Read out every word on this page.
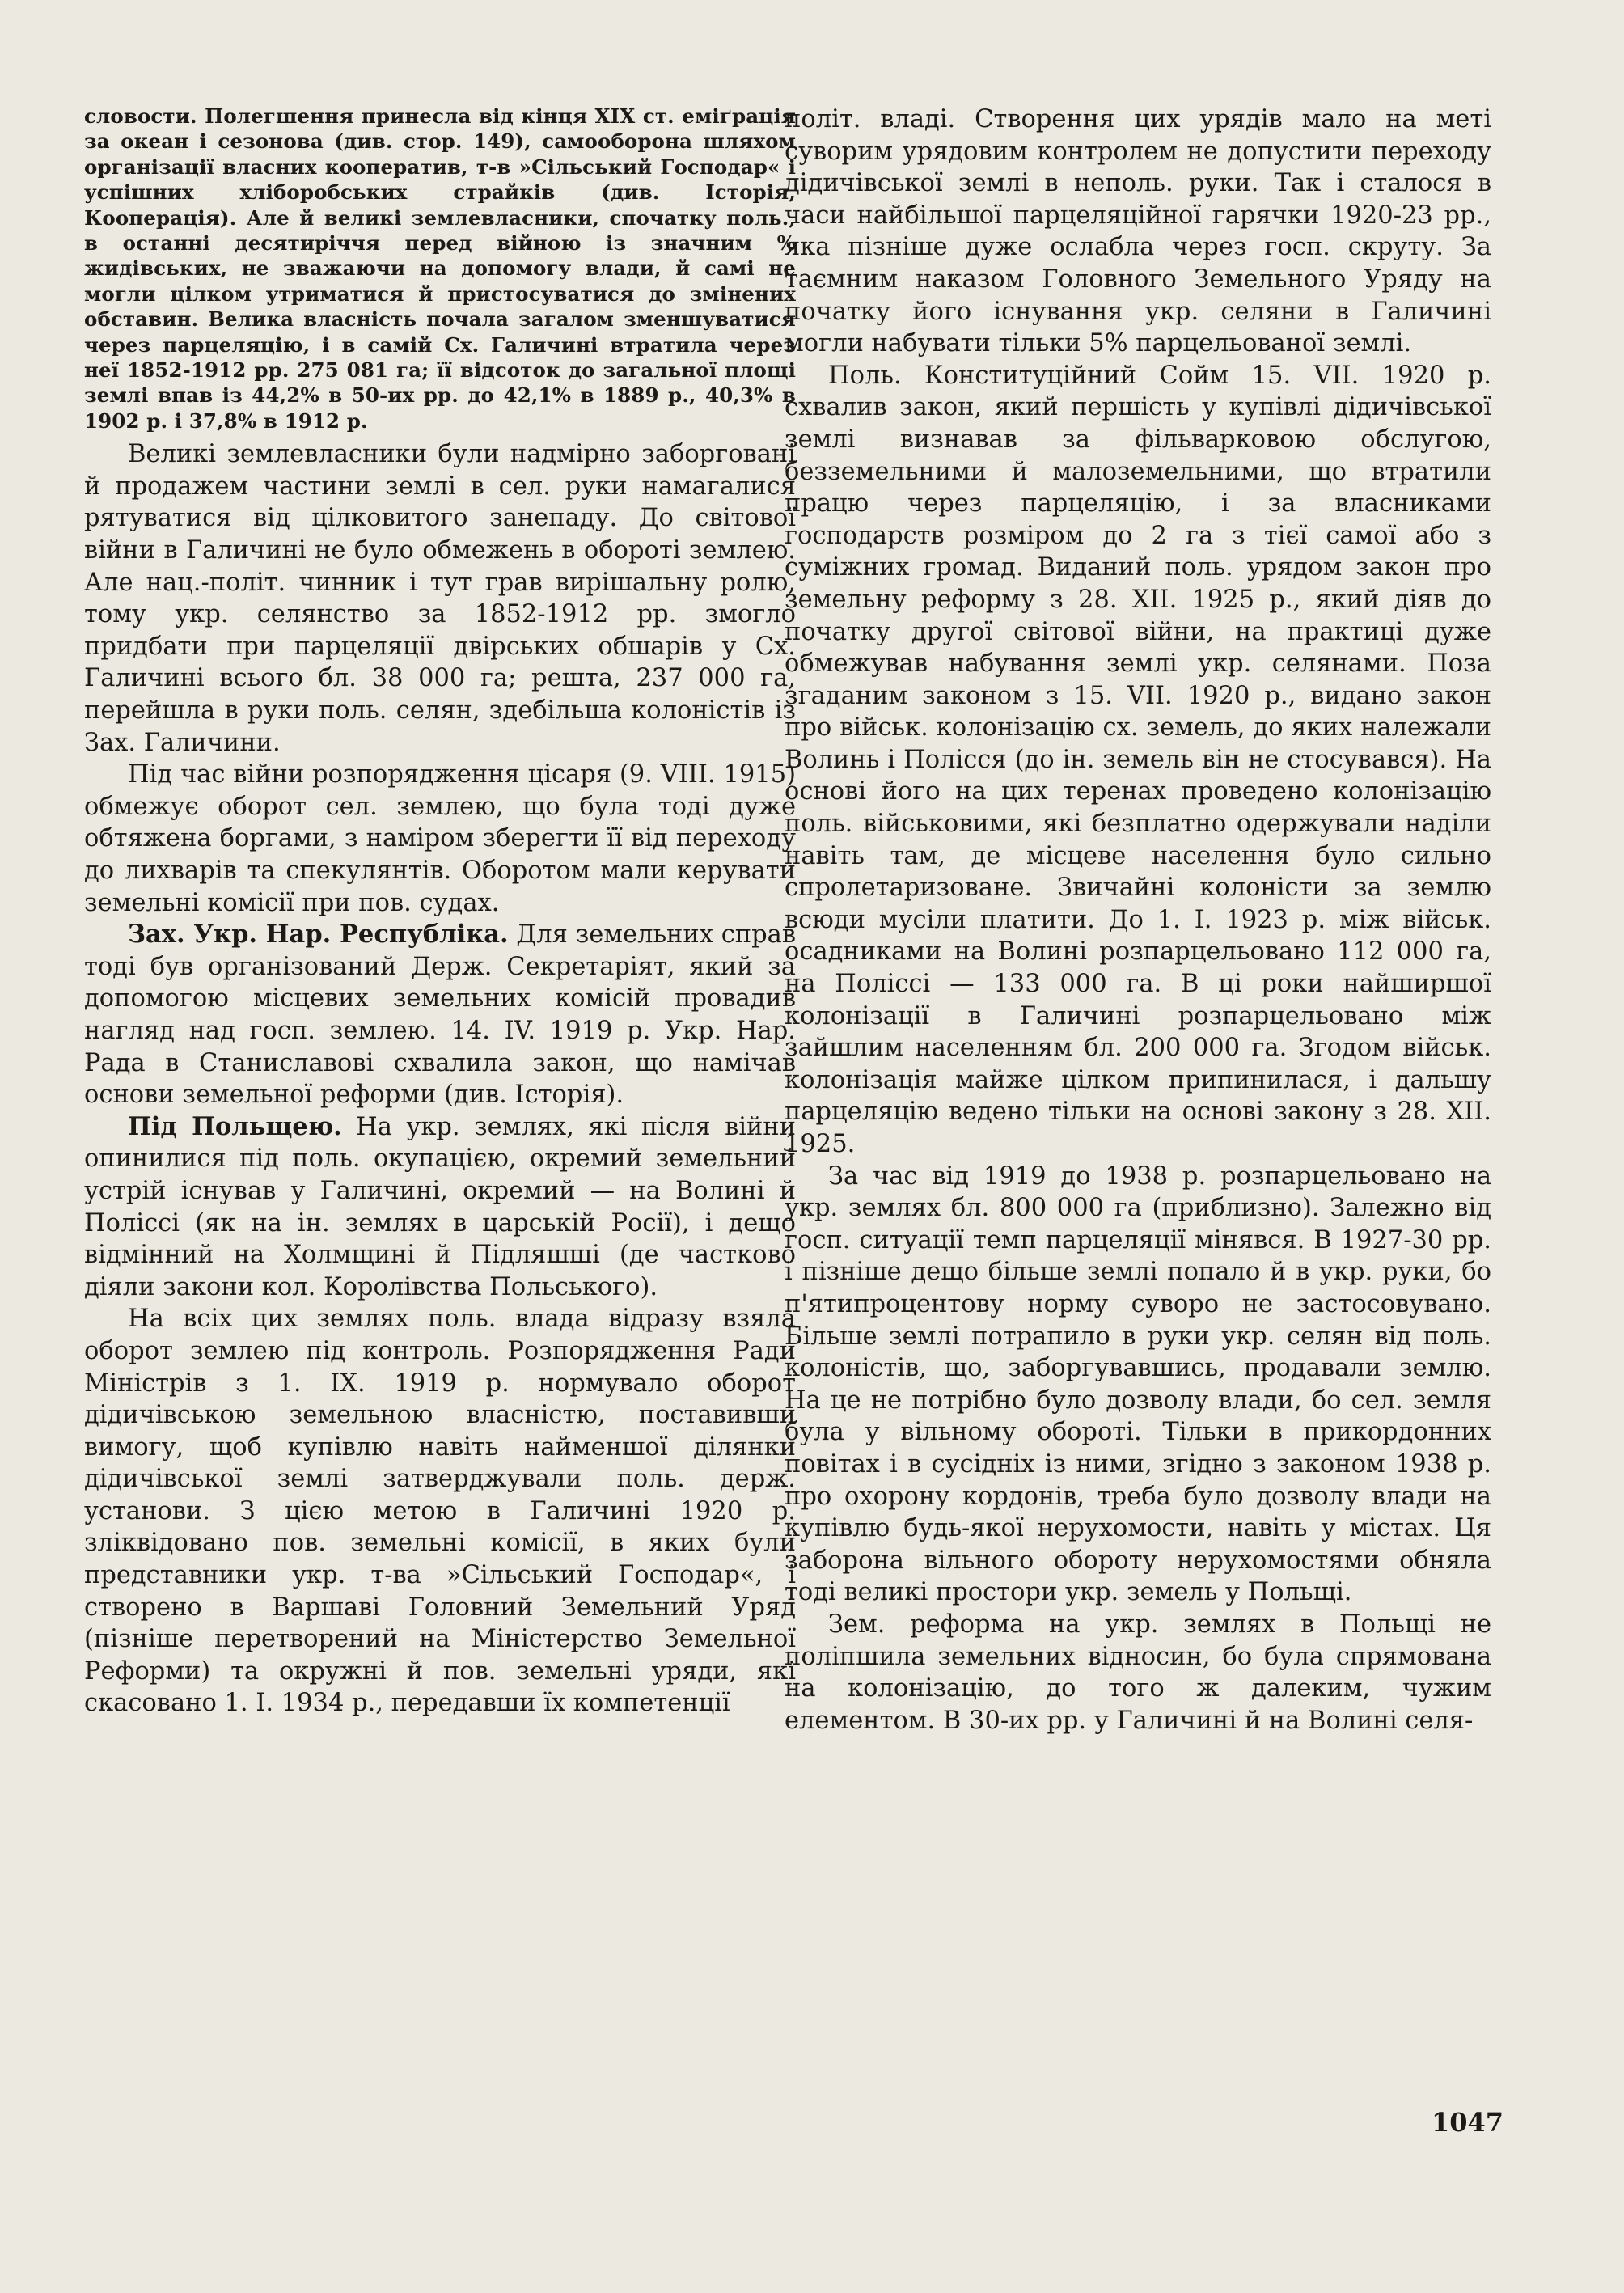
словости. Полегшення принесла від кінця XIX ст. еміґрація за океан і сезонова (див. стор. 149), самооборона шляхом організації власних кооператив, т-в »Сільський Господар« і успішних хліборобських страйків (див. Історія, Кооперація). Але й великі землевласники, спочатку поль., в останні десятиріччя перед війною із значним % жидівських, не зважаючи на допомогу влади, й самі не могли цілком утриматися й пристосуватися до змінених обставин. Велика власність почала загалом зменшуватися через парцеляцію, і в самій Сх. Галичині втратила через неї 1852-1912 рр. 275 081 га; її відсоток до загальної площі землі впав із 44,2% в 50-их рр. до 42,1% в 1889 р., 40,3% в 1902 р. і 37,8% в 1912 р.

Великі землевласники були надмірно заборговані й продажем частини землі в сел. руки намагалися рятуватися від цілковитого занепаду. До світової війни в Галичині не було обмежень в обороті землею. Але нац.-політ. чинник і тут грав вирішальну ролю, тому укр. селянство за 1852-1912 рр. змогло придбати при парцеляції двірських обшарів у Сх. Галичині всього бл. 38 000 га; решта, 237 000 га, перейшла в руки поль. селян, здебільша колоністів із Зах. Галичини.

Під час війни розпорядження цісаря (9. VIII. 1915) обмежує оборот сел. землею, що була тоді дуже обтяжена боргами, з наміром зберегти її від переходу до лихварів та спекулянтів. Оборотом мали керувати земельні комісії при пов. судах.

Зах. Укр. Нар. Республіка. Для земельних справ тоді був організований Держ. Секретаріят, який за допомогою місцевих земельних комісій провадив нагляд над госп. землею. 14. IV. 1919 р. Укр. Нар. Рада в Станиславові схвалила закон, що намічав основи земельної реформи (див. Історія).

Під Польщею. На укр. землях, які після війни опинилися під поль. окупацією, окремий земельний устрій існував у Галичині, окремий — на Волині й Поліссі (як на ін. землях в царській Росії), і дещо відмінний на Холмщині й Підляшші (де частково діяли закони кол. Королівства Польського).

На всіх цих землях поль. влада відразу взяла оборот землею під контроль. Розпорядження Ради Міністрів з 1. IX. 1919 р. нормувало оборот дідичівською земельною власністю, поставивши вимогу, щоб купівлю навіть найменшої ділянки дідичівської землі затверджували поль. держ. установи. З цією метою в Галичині 1920 р. зліквідовано пов. земельні комісії, в яких були представники укр. т-ва »Сільський Господар«, і створено в Варшаві Головний Земельний Уряд (пізніше перетворений на Міністерство Земельної Реформи) та окружні й пов. земельні уряди, які скасовано 1. I. 1934 р., передавши їх компетенції

політ. владі. Створення цих урядів мало на меті суворим урядовим контролем не допустити переходу дідичівської землі в неполь. руки. Так і сталося в часи найбільшої парцеляційної гарячки 1920-23 рр., яка пізніше дуже ослабла через госп. скруту. За таємним наказом Головного Земельного Уряду на початку його існування укр. селяни в Галичині могли набувати тільки 5% парцельованої землі.

Поль. Конституційний Сойм 15. VII. 1920 р. схвалив закон, який першість у купівлі дідичівської землі визнавав за фільварковою обслугою, безземельними й малоземельними, що втратили працю через парцеляцію, і за власниками господарств розміром до 2 га з тієї самої або з суміжних громад. Виданий поль. урядом закон про земельну реформу з 28. XII. 1925 р., який діяв до початку другої світової війни, на практиці дуже обмежував набування землі укр. селянами. Поза згаданим законом з 15. VII. 1920 р., видано закон про військ. колонізацію сх. земель, до яких належали Волинь і Полісся (до ін. земель він не стосувався). На основі його на цих теренах проведено колонізацію поль. військовими, які безплатно одержували наділи навіть там, де місцеве населення було сильно спролетаризоване. Звичайні колоністи за землю всюди мусіли платити. До 1. I. 1923 р. між військ. осадниками на Волині розпарцельовано 112 000 га, на Поліссі — 133 000 га. В ці роки найширшої колонізації в Галичині розпарцельовано між зайшлим населенням бл. 200 000 га. Згодом військ. колонізація майже цілком припинилася, і дальшу парцеляцію ведено тільки на основі закону з 28. XII. 1925.

За час від 1919 до 1938 р. розпарцельовано на укр. землях бл. 800 000 га (приблизно). Залежно від госп. ситуації темп парцеляції мінявся. В 1927-30 рр. і пізніше дещо більше землі попало й в укр. руки, бо п'ятипроцентову норму суворо не застосовувано. Більше землі потрапило в руки укр. селян від поль. колоністів, що, заборгувавшись, продавали землю. На це не потрібно було дозволу влади, бо сел. земля була у вільному обороті. Тільки в прикордонних повітах і в сусідніх із ними, згідно з законом 1938 р. про охорону кордонів, треба було дозволу влади на купівлю будь-якої нерухомости, навіть у містах. Ця заборона вільного обороту нерухомостями обняла тоді великі простори укр. земель у Польщі.

Зем. реформа на укр. землях в Польщі не поліпшила земельних відносин, бо була спрямована на колонізацію, до того ж далеким, чужим елементом. В 30-их рр. у Галичині й на Волині селя-

1047
